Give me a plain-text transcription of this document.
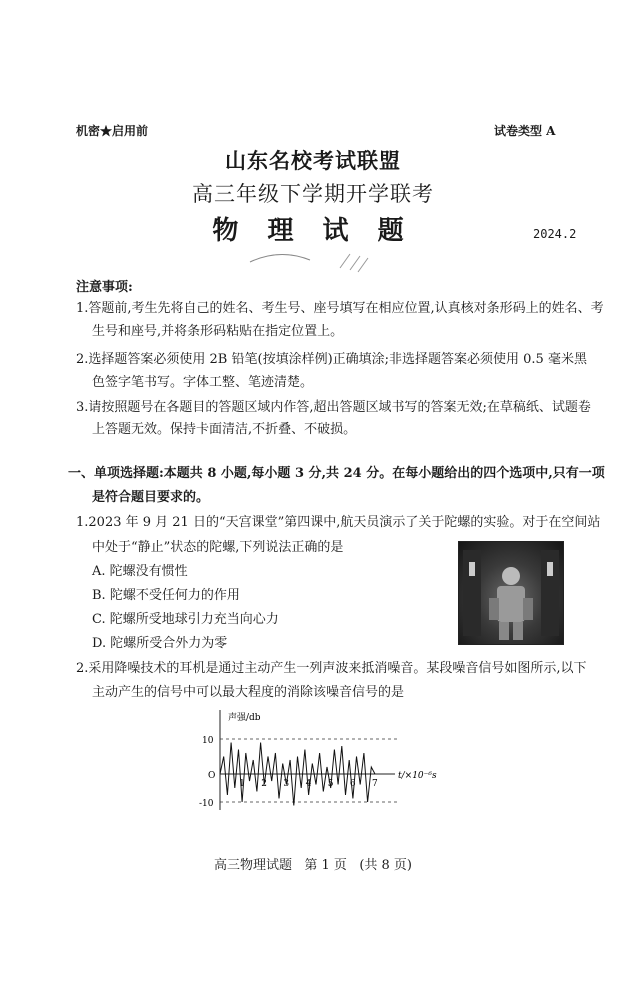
机密★启用前	试卷类型 A
山东名校考试联盟
高三年级下学期开学联考
物 理 试 题	2024.2
注意事项:
1.答题前,考生先将自己的姓名、考生号、座号填写在相应位置,认真核对条形码上的姓名、考
生号和座号,并将条形码粘贴在指定位置上。
2.选择题答案必须使用 2B 铅笔(按填涂样例)正确填涂;非选择题答案必须使用 0.5 毫米黑
色签字笔书写。字体工整、笔迹清楚。
3.请按照题号在各题目的答题区域内作答,超出答题区域书写的答案无效;在草稿纸、试题卷
上答题无效。保持卡面清洁,不折叠、不破损。
一、单项选择题:本题共 8 小题,每小题 3 分,共 24 分。在每小题给出的四个选项中,只有一项
是符合题目要求的。
1.2023 年 9 月 21 日的“天宫课堂”第四课中,航天员演示了关于陀螺的实验。对于在空间站
中处于“静止”状态的陀螺,下列说法正确的是
A. 陀螺没有惯性
B. 陀螺不受任何力的作用
C. 陀螺所受地球引力充当向心力
D. 陀螺所受合外力为零
2.采用降噪技术的耳机是通过主动产生一列声波来抵消噪音。某段噪音信号如图所示,以下
主动产生的信号中可以最大程度的消除该噪音信号的是
声强/db
10
O
-10
t/×10⁻⁶s
1 2 3 4 5 6 7
高三物理试题   第 1 页   (共 8 页)
